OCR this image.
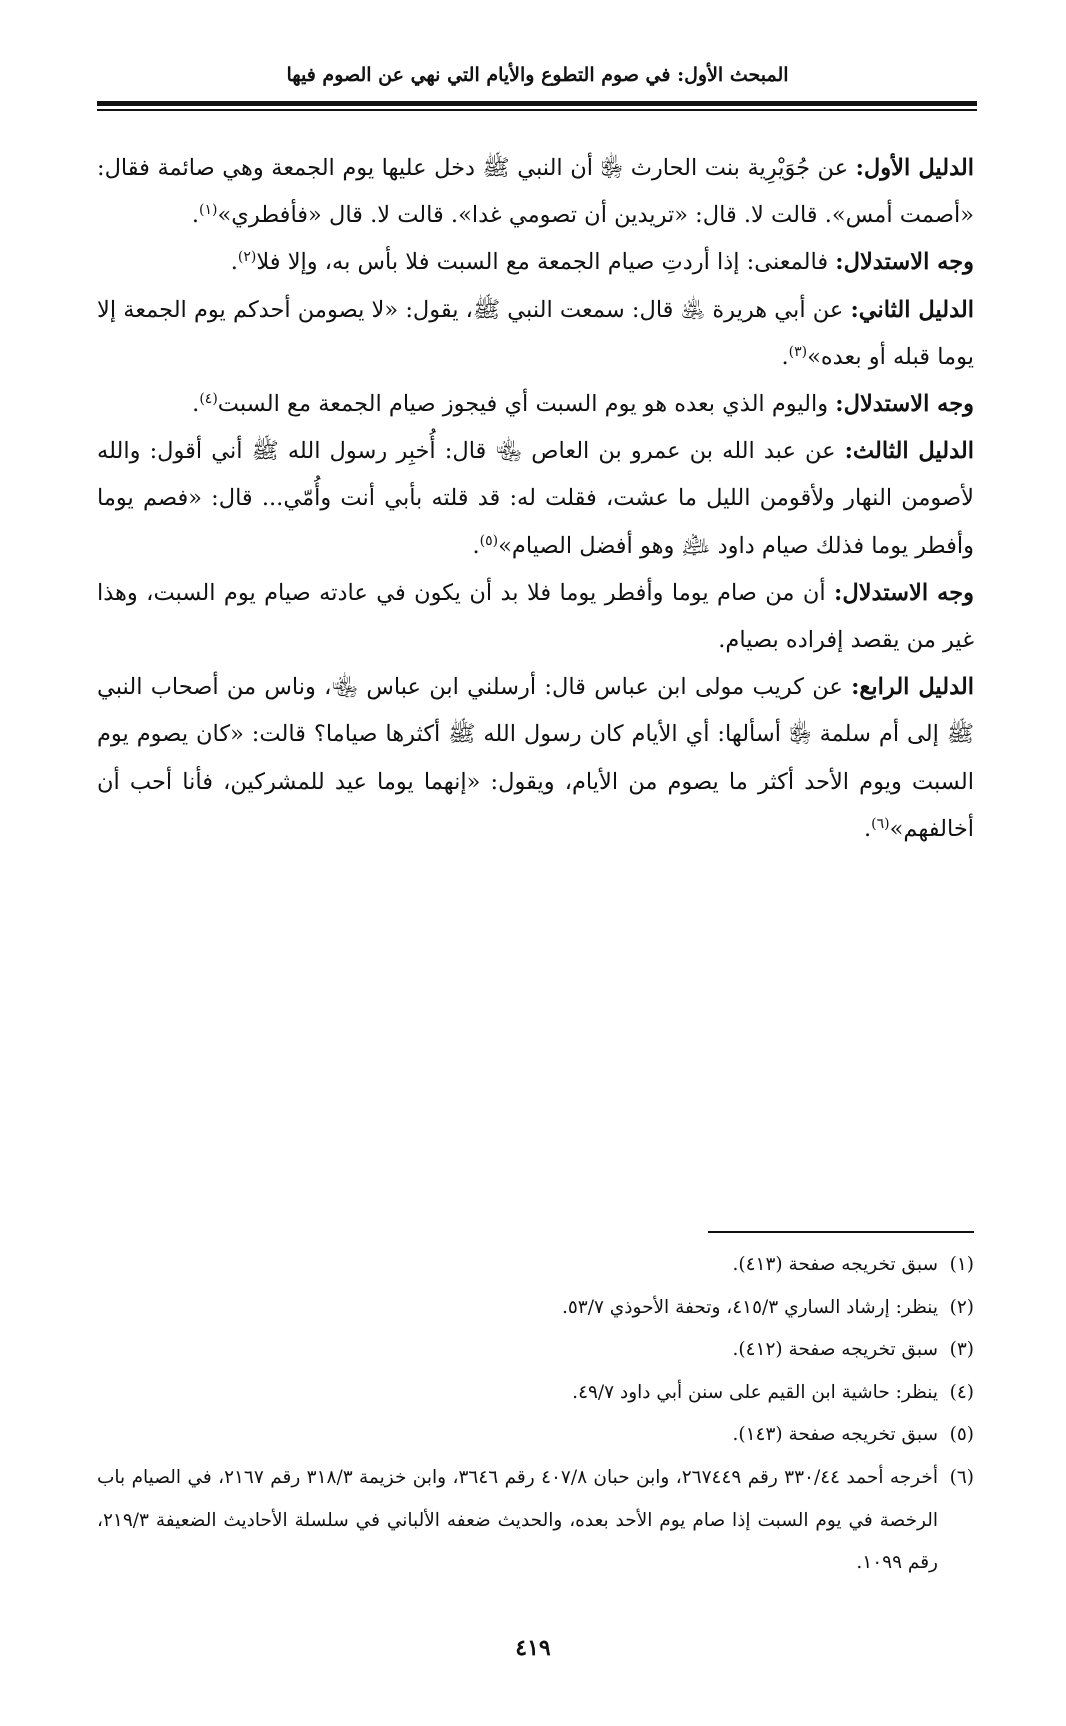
المبحث الأول: في صوم التطوع والأيام التي نهي عن الصوم فيها

الدليل الأول: عن جُوَيْرِية بنت الحارث ﵂ أن النبي ﷺ دخل عليها يوم الجمعة وهي صائمة فقال: «أصمت أمس». قالت لا. قال: «تريدين أن تصومي غدا». قالت لا. قال «فأفطري»$^{(١)}$.

وجه الاستدلال: فالمعنى: إذا أردتِ صيام الجمعة مع السبت فلا بأس به، وإلا فلا$^{(٢)}$.

الدليل الثاني: عن أبي هريرة ﵁ قال: سمعت النبي ﷺ، يقول: «لا يصومن أحدكم يوم الجمعة إلا يوما قبله أو بعده»$^{(٣)}$.

وجه الاستدلال: واليوم الذي بعده هو يوم السبت أي فيجوز صيام الجمعة مع السبت$^{(٤)}$.

الدليل الثالث: عن عبد الله بن عمرو بن العاص ﵄ قال: أُخبِر رسول الله ﷺ أني أقول: والله لأصومن النهار ولأقومن الليل ما عشت، فقلت له: قد قلته بأبي أنت وأُمّي... قال: «فصم يوما وأفطر يوما فذلك صيام داود ﵇ وهو أفضل الصيام»$^{(٥)}$.

وجه الاستدلال: أن من صام يوما وأفطر يوما فلا بد أن يكون في عادته صيام يوم السبت، وهذا غير من يقصد إفراده بصيام.

الدليل الرابع: عن كريب مولى ابن عباس قال: أرسلني ابن عباس ﵄، وناس من أصحاب النبي ﷺ إلى أم سلمة ﵂ أسألها: أي الأيام كان رسول الله ﷺ أكثرها صياما؟ قالت: «كان يصوم يوم السبت ويوم الأحد أكثر ما يصوم من الأيام، ويقول: «إنهما يوما عيد للمشركين، فأنا أحب أن أخالفهم»$^{(٦)}$.

(١)سبق تخريجه صفحة (٤١٣).

(٢)ينظر: إرشاد الساري ٤١٥/٣، وتحفة الأحوذي ٥٣/٧.

(٣)سبق تخريجه صفحة (٤١٢).

(٤)ينظر: حاشية ابن القيم على سنن أبي داود ٤٩/٧.

(٥)سبق تخريجه صفحة (١٤٣).

(٦)أخرجه أحمد ٣٣٠/٤٤ رقم ٢٦٧٤٤٩، وابن حبان ٤٠٧/٨ رقم ٣٦٤٦، وابن خزيمة ٣١٨/٣ رقم ٢١٦٧، في الصيام باب الرخصة في يوم السبت إذا صام يوم الأحد بعده، والحديث ضعفه الألباني في سلسلة الأحاديث الضعيفة ٢١٩/٣، رقم ١٠٩٩.

٤١٩
